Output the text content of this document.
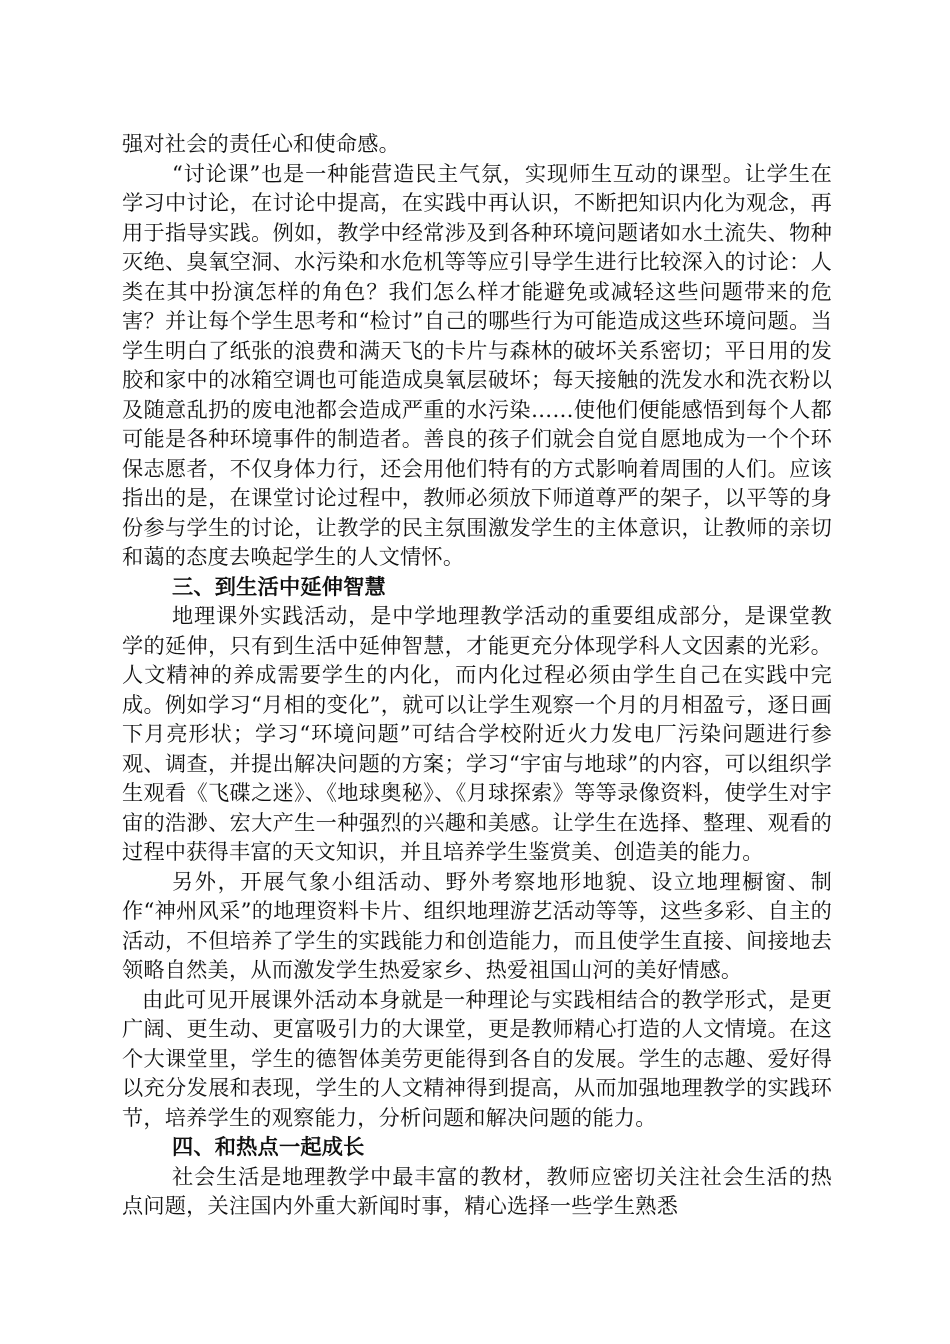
强对社会的责任心和使命感。

“讨论课”也是一种能营造民主气氛，实现师生互动的课型。让学生在学习中讨论，在讨论中提高，在实践中再认识，不断把知识内化为观念，再用于指导实践。例如，教学中经常涉及到各种环境问题诸如水土流失、物种灭绝、臭氧空洞、水污染和水危机等等应引导学生进行比较深入的讨论：人类在其中扮演怎样的角色？我们怎么样才能避免或减轻这些问题带来的危害？并让每个学生思考和“检讨”自己的哪些行为可能造成这些环境问题。当学生明白了纸张的浪费和满天飞的卡片与森林的破坏关系密切；平日用的发胶和家中的冰箱空调也可能造成臭氧层破坏；每天接触的洗发水和洗衣粉以及随意乱扔的废电池都会造成严重的水污染……使他们便能感悟到每个人都可能是各种环境事件的制造者。善良的孩子们就会自觉自愿地成为一个个环保志愿者，不仅身体力行，还会用他们特有的方式影响着周围的人们。应该指出的是，在课堂讨论过程中，教师必须放下师道尊严的架子，以平等的身份参与学生的讨论，让教学的民主氛围激发学生的主体意识，让教师的亲切和蔼的态度去唤起学生的人文情怀。

三、到生活中延伸智慧

地理课外实践活动，是中学地理教学活动的重要组成部分，是课堂教学的延伸，只有到生活中延伸智慧，才能更充分体现学科人文因素的光彩。人文精神的养成需要学生的内化，而内化过程必须由学生自己在实践中完成。例如学习“月相的变化”，就可以让学生观察一个月的月相盈亏，逐日画下月亮形状；学习“环境问题”可结合学校附近火力发电厂污染问题进行参观、调查，并提出解决问题的方案；学习“宇宙与地球”的内容，可以组织学生观看《飞碟之迷》、《地球奥秘》、《月球探索》等等录像资料，使学生对宇宙的浩渺、宏大产生一种强烈的兴趣和美感。让学生在选择、整理、观看的过程中获得丰富的天文知识，并且培养学生鉴赏美、创造美的能力。

另外，开展气象小组活动、野外考察地形地貌、设立地理橱窗、制作“神州风采”的地理资料卡片、组织地理游艺活动等等，这些多彩、自主的活动，不但培养了学生的实践能力和创造能力，而且使学生直接、间接地去领略自然美，从而激发学生热爱家乡、热爱祖国山河的美好情感。

由此可见开展课外活动本身就是一种理论与实践相结合的教学形式，是更广阔、更生动、更富吸引力的大课堂，更是教师精心打造的人文情境。在这个大课堂里，学生的德智体美劳更能得到各自的发展。学生的志趣、爱好得以充分发展和表现，学生的人文精神得到提高，从而加强地理教学的实践环节，培养学生的观察能力，分析问题和解决问题的能力。

四、和热点一起成长

社会生活是地理教学中最丰富的教材，教师应密切关注社会生活的热点问题，关注国内外重大新闻时事，精心选择一些学生熟悉
